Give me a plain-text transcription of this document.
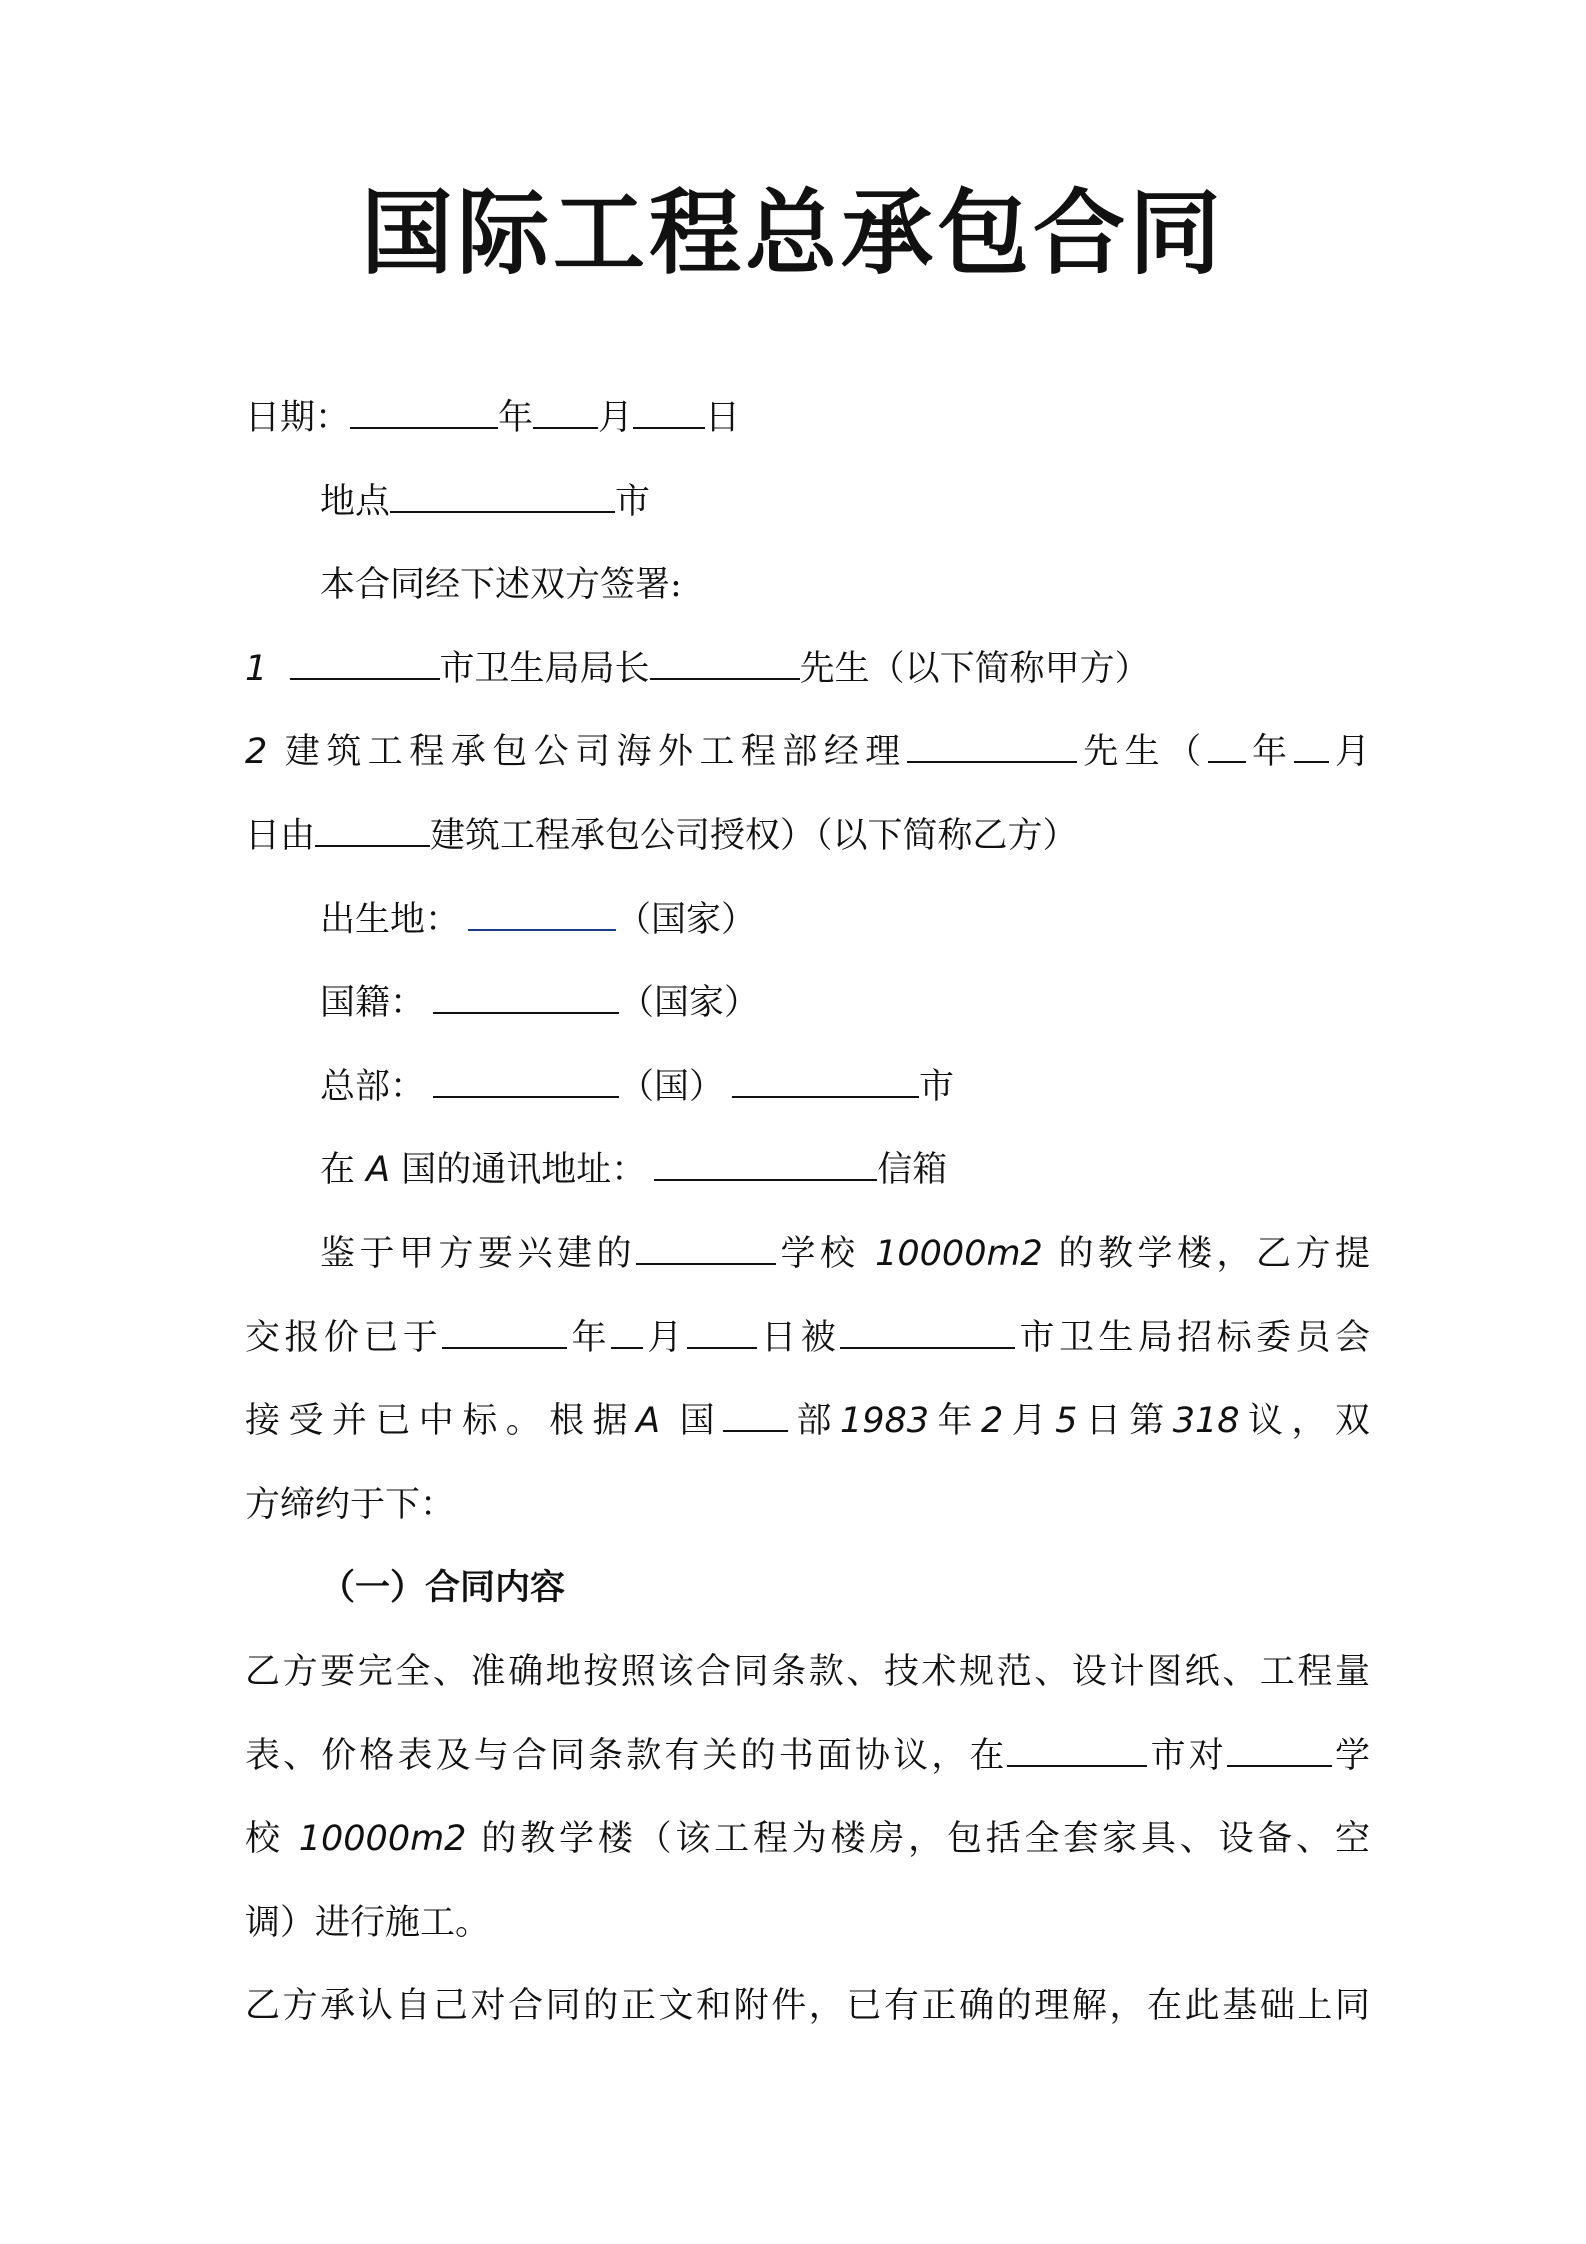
国际工程总承包合同
日期：	年 月 日
地点	市
本合同经下述双方签署:
1	市卫生局局长	先生（以下简称甲方）
2 建筑工程承包公司海外工程部经理	先生（ 年 月
日由	建筑工程承包公司授权）（以下简称乙方）
出生地：	（国家）
国籍：	（国家）
总部：	（国）	市
在 A 国的通讯地址：	信箱
鉴于甲方要兴建的	学校 10000m2 的教学楼，乙方提
交报价已于	年 月 日被	市卫生局招标委员会
接受并已中标。根据A 国 部1983年2月5日第318议，双
方缔约于下：
（一）合同内容
乙方要完全、准确地按照该合同条款、技术规范、设计图纸、工程量
表、价格表及与合同条款有关的书面协议，在	市对	学
校 10000m2 的教学楼（该工程为楼房，包括全套家具、设备、空
调）进行施工。
乙方承认自己对合同的正文和附件，已有正确的理解，在此基础上同
